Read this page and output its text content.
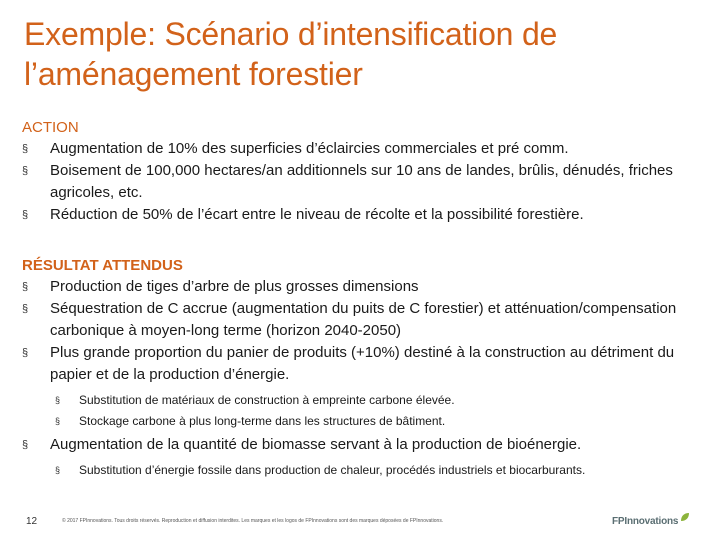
Exemple: Scénario d’intensification de l’aménagement forestier
ACTION
§ Augmentation de 10% des superficies d’éclaircies commerciales et pré comm.
§ Boisement de 100,000 hectares/an additionnels sur 10 ans de landes, brûlis, dénudés, friches agricoles, etc.
§ Réduction de 50% de l’écart entre le niveau de récolte et la possibilité forestière.
RÉSULTAT ATTENDUS
§ Production de tiges d’arbre de plus grosses dimensions
§ Séquestration de C accrue (augmentation du puits de C forestier) et atténuation/compensation carbonique à moyen-long terme (horizon 2040-2050)
§ Plus grande proportion du panier de produits (+10%) destiné à la construction au détriment du papier et de la production d’énergie.
§ Substitution de matériaux de construction à empreinte carbone élevée.
§ Stockage carbone à plus long-terme dans les structures de bâtiment.
§ Augmentation de la quantité de biomasse servant à la production de bioénergie.
§ Substitution d’énergie fossile dans production de chaleur, procédés industriels et biocarburants.
12	© 2017 FPInnovations. Tous droits réservés. Reproduction et diffusion interdites. Les marques et les logos de FPInnovations sont des marques déposées de FPInnovations.	FPInnovations
